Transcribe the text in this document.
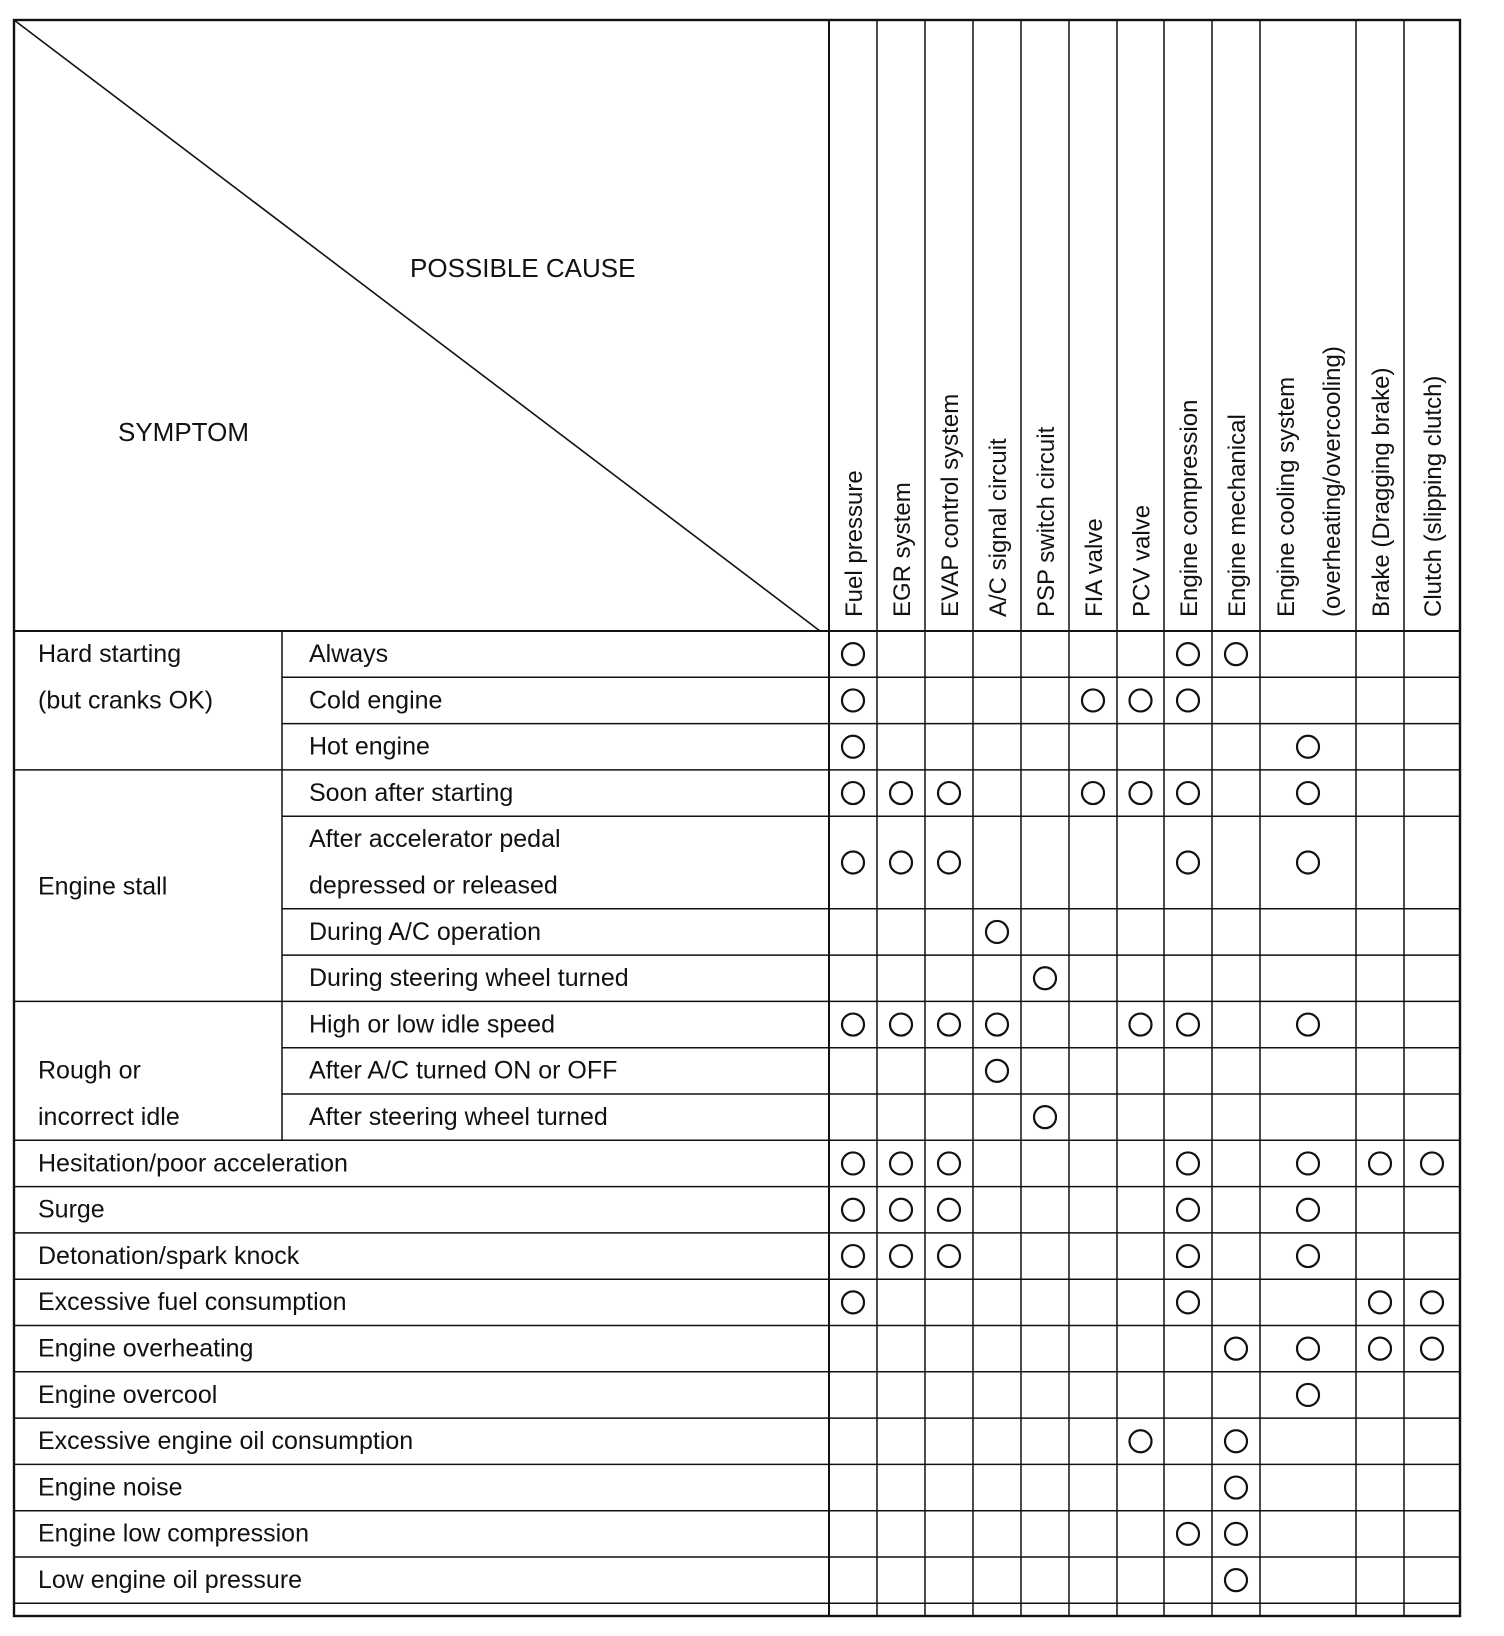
POSSIBLE CAUSE
SYMPTOM
Fuel pressure EGR system EVAP control system A/C signal circuit PSP switch circuit FIA valve PCV valve Engine compression Engine mechanical Engine cooling system (overheating/overcooling) Brake (Dragging brake) Clutch (slipping clutch)
Always
Cold engine
Hot engine
Hard starting
(but cranks OK)
Soon after starting
After accelerator pedal
depressed or released
During A/C operation
During steering wheel turned
Engine stall
High or low idle speed
After A/C turned ON or OFF
After steering wheel turned
Rough or
incorrect idle
Hesitation/poor acceleration
Surge
Detonation/spark knock
Excessive fuel consumption
Engine overheating
Engine overcool
Excessive engine oil consumption
Engine noise
Engine low compression
Low engine oil pressure
